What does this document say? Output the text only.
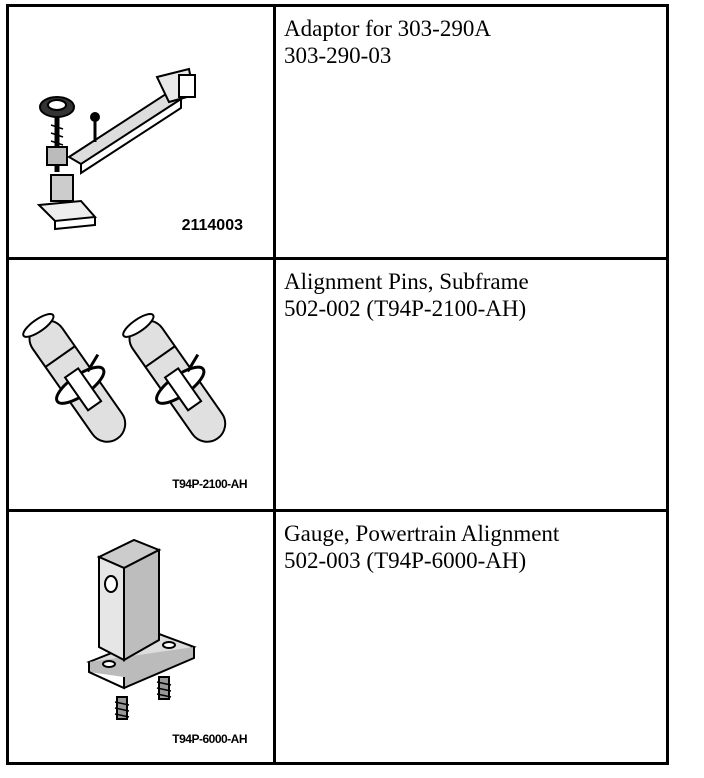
2114003	Adaptor for 303-290A
303-290-03

T94P-2100-AH	Alignment Pins, Subframe
502-002 (T94P-2100-AH)

T94P-6000-AH	Gauge, Powertrain Alignment
502-003 (T94P-6000-AH)
